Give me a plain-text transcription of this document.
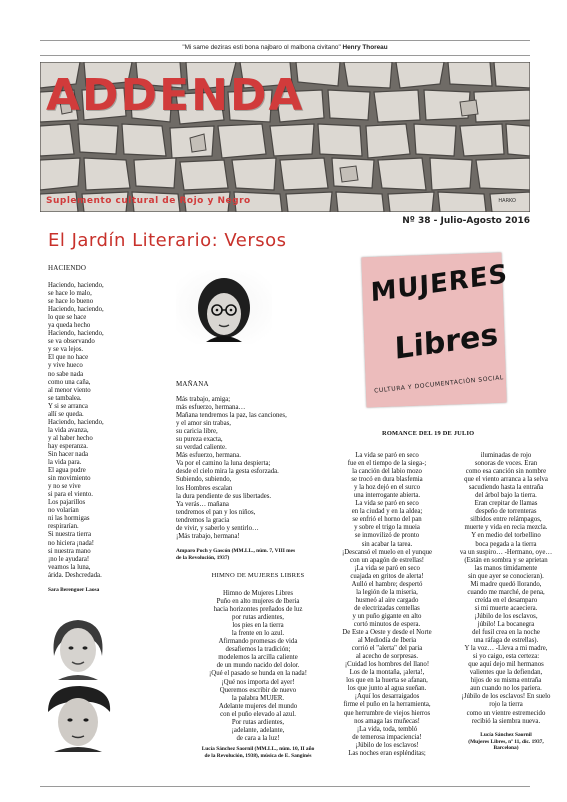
"Mi same deziras esti bona najbaro ol malbona civitano" Henry Thoreau
ADDENDA
Suplemento cultural de Rojo y Negro	HARKO
Nº 38 - Julio-Agosto 2016
El Jardín Literario: Versos
HACIENDO
Haciendo, haciendo,
se hace lo malo,
se hace lo bueno
Haciendo, haciendo,
lo que se hace
ya queda hecho
Haciendo, haciendo,
se va observando
y se va lejos.
El que no hace
y vive hueco
no sabe nada
como una caña,
al menor viento
se tambalea.
Y si se arranca
allí se queda.
Haciendo, haciendo,
la vida avanza,
y al haber hecho
hay esperanza.
Sin hacer nada
la vida para.
El agua pudre
sin movimiento
y no se vive
si para el viento.
Los pajarillos
no volarían
ni las hormigas
respirarían.
Si nuestra tierra
no hiciera ¡nada!
si nuestra mano
¡no le ayudara!
veamos la luna,
árida. Deshcredada.
Sara Berenguer Laosa
MAÑANA
Más trabajo, amiga;
más esfuerzo, hermana…
Mañana tendremos la paz, las canciones,
y el amor sin trabas,
su caricia libre,
su pureza exacta,
su verdad caliente.
Más esfuerzo, hermana.
Va por el camino la luna despierta;
desde el cielo mira la gesta esforzada.
Subiendo, subiendo,
los Hombres escalan
la dura pendiente de sus libertades.
Ya verás… mañana
tendremos el pan y los niños,
tendremos la gracia
de vivir, y saberlo y sentirlo…
¡Más trabajo, hermana!
Amparo Poch y Gascón (MM.LL., núm. 7, VIII mes
de la Revolución, 1937)
MUJERES
Libres
CULTURA Y DOCUMENTACIÓN SOCIAL
ROMANCE DEL 19 DE JULIO
La vida se paró en seco
fue en el tiempo de la siega-;
la canción del labio mozo
se trocó en dura blasfemia
y la hoz dejó en el surco
una interrogante abierta.
La vida se paró en seco
en la ciudad y en la aldea;
se enfrió el horno del pan
y sobre el trigo la mueia
se inmovilizó de pronto
sin acabar la tarea.
¡Descansó el muelo en el yunque
con un apagón de estrellas!
¡La vida se paró en seco
cuajada en gritos de alerta!
Aulló el hambre; despertó
la legión de la miseria,
husmeó al aire cargado
de electrizadas centellas
y un puño gigante en alto
cortó minutos de espera.
De Este a Oeste y desde el Norte
al Mediodía de Iberia
corrió el "alerta" del paria
al acecho de sorpresas.
¡Cuidad los hombres del llano!
Los de la montaña, ¡alerta!,
los que en la huerta se afanan,
los que junto al agua sueñan.
¡Aquí los desarraigados
firme el puño en la herramienta,
que herrumbre de viejos hierros
nos amaga las muñecas!
¡La vida, toda, tembló
de temerosa impaciencia!
¡Júbilo de los esclavos!
Las noches eran esplénditas;
iluminadas de rojo
sonoras de voces. Eran
como esa canción sin nombre
que el viento arranca a la selva
sacudiendo hasta la entraña
del árbol bajo la tierra.
Eran crepitar de llamas
despeño de torrenteras
silbidos entre relámpagos,
muerte y vida en recia mezcla.
Y en medio del torbellino
boca pegada a la tierra
va un suspiro… -Hermano, oye…
(Están en sombra y se aprietan
las manos tímidamente
sin que ayer se conocieran).
Mi madre quedó llorando,
cuando me marché, de pena,
creída en el desamparo
si mi muerte acaeciera.
¡Júbilo de los esclavos,
júbilo! La bocanegra
del fusil crea en la noche
una ráfaga de estrellas).
Y la voz… -Lleva a mi madre,
si yo caigo, esta certeza:
que aquí dejo mil hermanos
valientes que la defiendan,
hijos de su misma entraña
aun cuando no los pariera.
¡Júbilo de los esclavos! En suelo
rojo la tierra
como un vientre estremecido
recibió la siembra nueva.
Lucía Sánchez Saornil
(Mujeres Libres, nº 11, dic. 1937,
Barcelona)
HIMNO DE MUJERES LIBRES
Himno de Mujeres Libres
Puño en alto mujeres de Iberia
hacia horizontes preñados de luz
por rutas ardientes,
los pies en la tierra
la frente en lo azul.
Afirmando promesas de vida
desafiemos la tradición;
modelemos la arcilla caliente
de un mundo nacido del dolor.
¡Qué el pasado se hunda en la nada!
¡Qué nos importa del ayer!
Queremos escribir de nuevo
la palabra MUJER.
Adelante mujeres del mundo
con el puño elevado al azul.
Por rutas ardientes,
¡adelante, adelante,
de cara a la luz!
Lucía Sánchez Saornil (MM.LL., núm. 10, II año
de la Revolución, 1938), música de E. Sanginés
